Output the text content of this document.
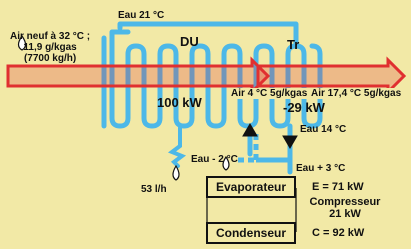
Air neuf à 32 °C ;
11,9 g/kgas
(7700 kg/h)
Eau 21 °C
DU	Tr
100 kW
Air 4 °C 5g/kgas Air 17,4 °C 5g/kgas
-29 kW
Eau 14 °C
Eau - 2 °C
Eau + 3 °C
53 l/h	Evaporateur
Condenseur
E = 71 kW
Compresseur
21 kW
C = 92 kW
